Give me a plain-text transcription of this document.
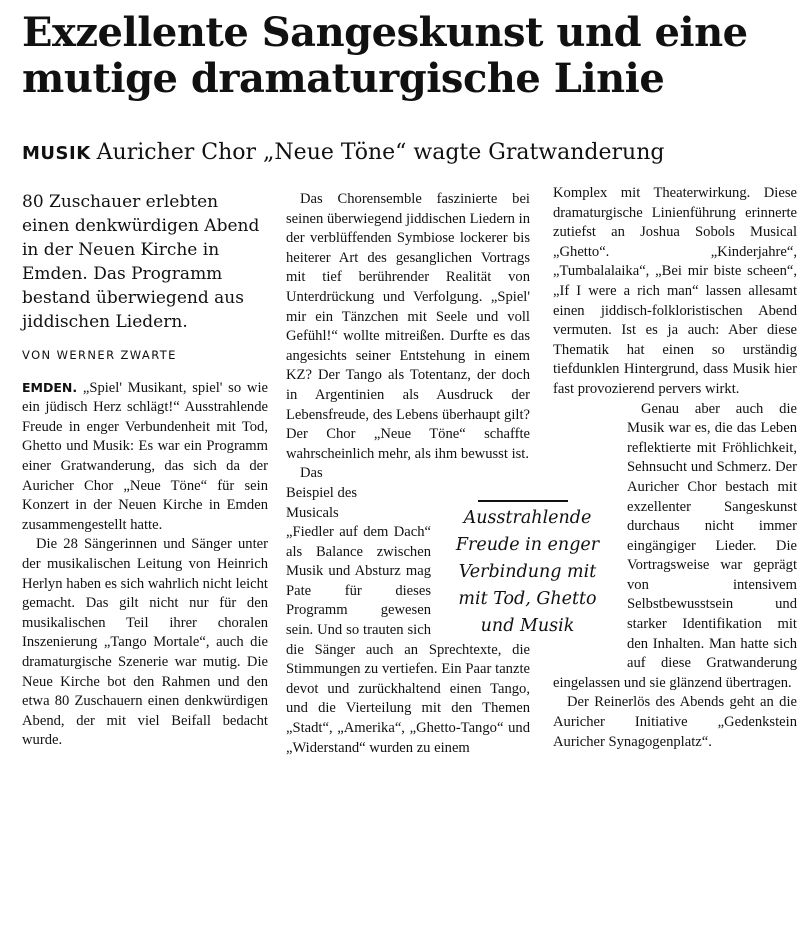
Exzellente Sangeskunst und eine mutige dramaturgische Linie
MUSIK Auricher Chor „Neue Töne“ wagte Gratwanderung
80 Zuschauer erlebten einen denkwürdigen Abend in der Neuen Kirche in Emden. Das Programm bestand überwiegend aus jiddischen Liedern.
VON WERNER ZWARTE

EMDEN. „Spiel' Musikant, spiel' so wie ein jüdisch Herz schlägt!“ Ausstrahlende Freude in enger Verbundenheit mit Tod, Ghetto und Musik: Es war ein Programm einer Gratwanderung, das sich da der Auricher Chor „Neue Töne“ für sein Konzert in der Neuen Kirche in Emden zusammengestellt hatte.

Die 28 Sängerinnen und Sänger unter der musikalischen Leitung von Heinrich Herlyn haben es sich wahrlich nicht leicht gemacht. Das gilt nicht nur für den musikalischen Teil ihrer choralen Inszenierung „Tango Mortale“, auch die dramaturgische Szenerie war mutig. Die Neue Kirche bot den Rahmen und den etwa 80 Zuschauern einen denkwürdigen Abend, der mit viel Beifall bedacht wurde.

Das Chorensemble faszinierte bei seinen überwiegend jiddischen Liedern in der verblüffenden Symbiose lockerer bis heiterer Art des gesanglichen Vortrags mit tief berührender Realität von Unterdrückung und Verfolgung. „Spiel' mir ein Tänzchen mit Seele und voll Gefühl!“ wollte mitreißen. Durfte es das angesichts seiner Entstehung in einem KZ? Der Tango als Totentanz, der doch in Argentinien als Ausdruck der Lebensfreude, des Lebens überhaupt gilt? Der Chor „Neue Töne“ schaffte wahrscheinlich mehr, als ihm bewusst ist.

Das Beispiel des Musicals „Fiedler auf dem Dach“ als Balance zwischen Musik und Absturz mag Pate für dieses Programm gewesen sein. Und so trauten sich die Sänger auch an Sprechtexte, die Stimmungen zu vertiefen. Ein Paar tanzte devot und zurückhaltend einen Tango, und die Vierteilung mit den Themen „Stadt“, „Amerika“, „Ghetto-Tango“ und „Widerstand“ wurden zu einem

Komplex mit Theaterwirkung. Diese dramaturgische Linienführung erinnerte zutiefst an Joshua Sobols Musical „Ghetto“. „Kinderjahre“, „Tumbalalaika“, „Bei mir biste scheen“, „If I were a rich man“ lassen allesamt einen jiddisch-folkloristischen Abend vermuten. Ist es ja auch: Aber diese Thematik hat einen so urständig tiefdunklen Hintergrund, dass Musik hier fast provozierend pervers wirkt.

Genau aber auch die Musik war es, die das Leben reflektierte mit Fröhlichkeit, Sehnsucht und Schmerz. Der Auricher Chor bestach mit exzellenter Sangeskunst durchaus nicht immer eingängiger Lieder. Die Vortragsweise war geprägt von intensivem Selbstbewusstsein und starker Identifikation mit den Inhalten. Man hatte sich auf diese Gratwanderung eingelassen und sie glänzend übertragen.

Der Reinerlös des Abends geht an die Auricher Initiative „Gedenkstein Auricher Synagogenplatz“.

Ausstrahlende Freude in enger Verbindung mit mit Tod, Ghetto und Musik
